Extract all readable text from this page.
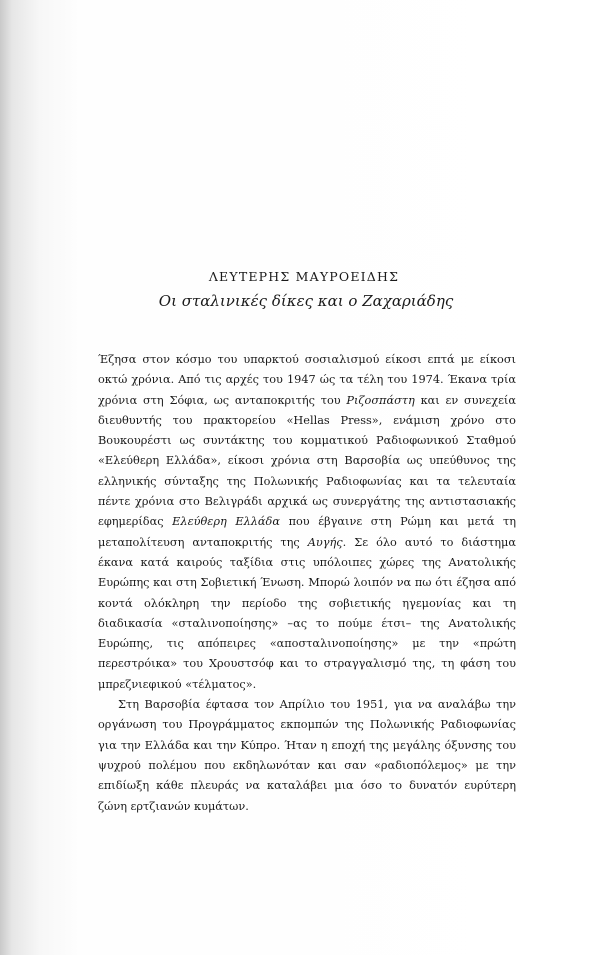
ΛΕΥΤΕΡΗΣ ΜΑΥΡΟΕΙΔΗΣ
Οι σταλινικές δίκες και ο Ζαχαριάδης

Έζησα στον κόσμο του υπαρκτού σοσιαλισμού είκοσι επτά με είκοσι οκτώ χρόνια. Από τις αρχές του 1947 ώς τα τέλη του 1974. Έκανα τρία χρόνια στη Σόφια, ως ανταποκριτής του Ριζοσπάστη και εν συνεχεία διευθυντής του πρακτορείου «Hellas Press», ενάμιση χρόνο στο Βουκουρέστι ως συντάκτης του κομματικού Ραδιοφωνικού Σταθμού «Ελεύθερη Ελλάδα», είκοσι χρόνια στη Βαρσοβία ως υπεύθυνος της ελληνικής σύνταξης της Πολωνικής Ραδιοφωνίας και τα τελευταία πέντε χρόνια στο Βελιγράδι αρχικά ως συνεργάτης της αντιστασιακής εφημερίδας Ελεύθερη Ελλάδα που έβγαινε στη Ρώμη και μετά τη μεταπολίτευση ανταποκριτής της Αυγής. Σε όλο αυτό το διάστημα έκανα κατά καιρούς ταξίδια στις υπόλοιπες χώρες της Ανατολικής Ευρώπης και στη Σοβιετική Ένωση. Μπορώ λοιπόν να πω ότι έζησα από κοντά ολόκληρη την περίοδο της σοβιετικής ηγεμονίας και τη διαδικασία «σταλινοποίησης» –ας το πούμε έτσι– της Ανατολικής Ευρώπης, τις απόπειρες «αποσταλινοποίησης» με την «πρώτη περεστρόικα» του Χρουστσόφ και το στραγγαλισμό της, τη φάση του μπρεζνιεφικού «τέλματος».

Στη Βαρσοβία έφτασα τον Απρίλιο του 1951, για να αναλάβω την οργάνωση του Προγράμματος εκπομπών της Πολωνικής Ραδιοφωνίας για την Ελλάδα και την Κύπρο. Ήταν η εποχή της μεγάλης όξυνσης του ψυχρού πολέμου που εκδηλωνόταν και σαν «ραδιοπόλεμος» με την επιδίωξη κάθε πλευράς να καταλάβει μια όσο το δυνατόν ευρύτερη ζώνη ερτζιανών κυμάτων.
